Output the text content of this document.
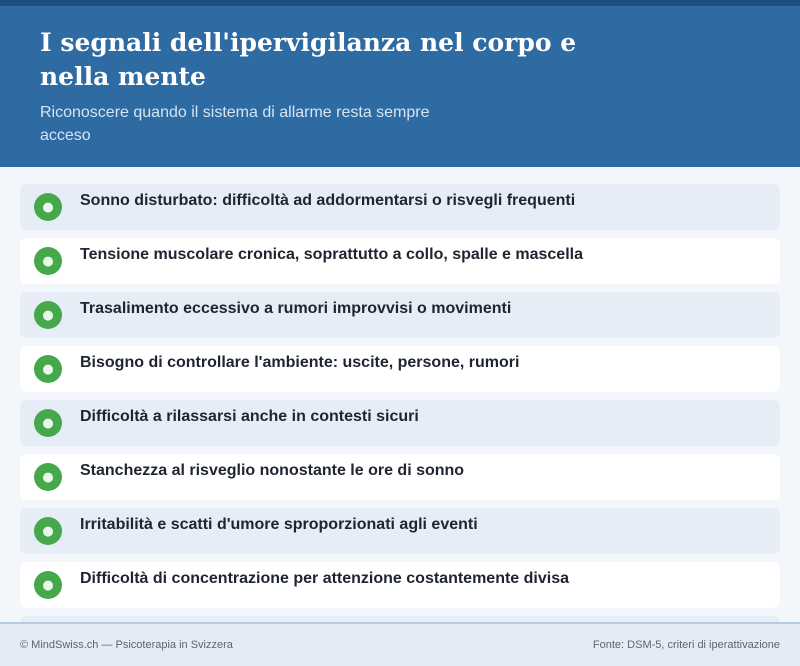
I segnali dell'ipervigilanza nel corpo e nella mente
Riconoscere quando il sistema di allarme resta sempre acceso
● Sonno disturbato: difficoltà ad addormentarsi o risvegli frequenti
● Tensione muscolare cronica, soprattutto a collo, spalle e mascella
● Trasalimento eccessivo a rumori improvvisi o movimenti
● Bisogno di controllare l'ambiente: uscite, persone, rumori
● Difficoltà a rilassarsi anche in contesti sicuri
● Stanchezza al risveglio nonostante le ore di sonno
● Irritabilità e scatti d'umore sproporzionati agli eventi
● Difficoltà di concentrazione per attenzione costantemente divisa
© MindSwiss.ch — Psicoterapia in Svizzera	Fonte: DSM-5, criteri di iperattivazione
